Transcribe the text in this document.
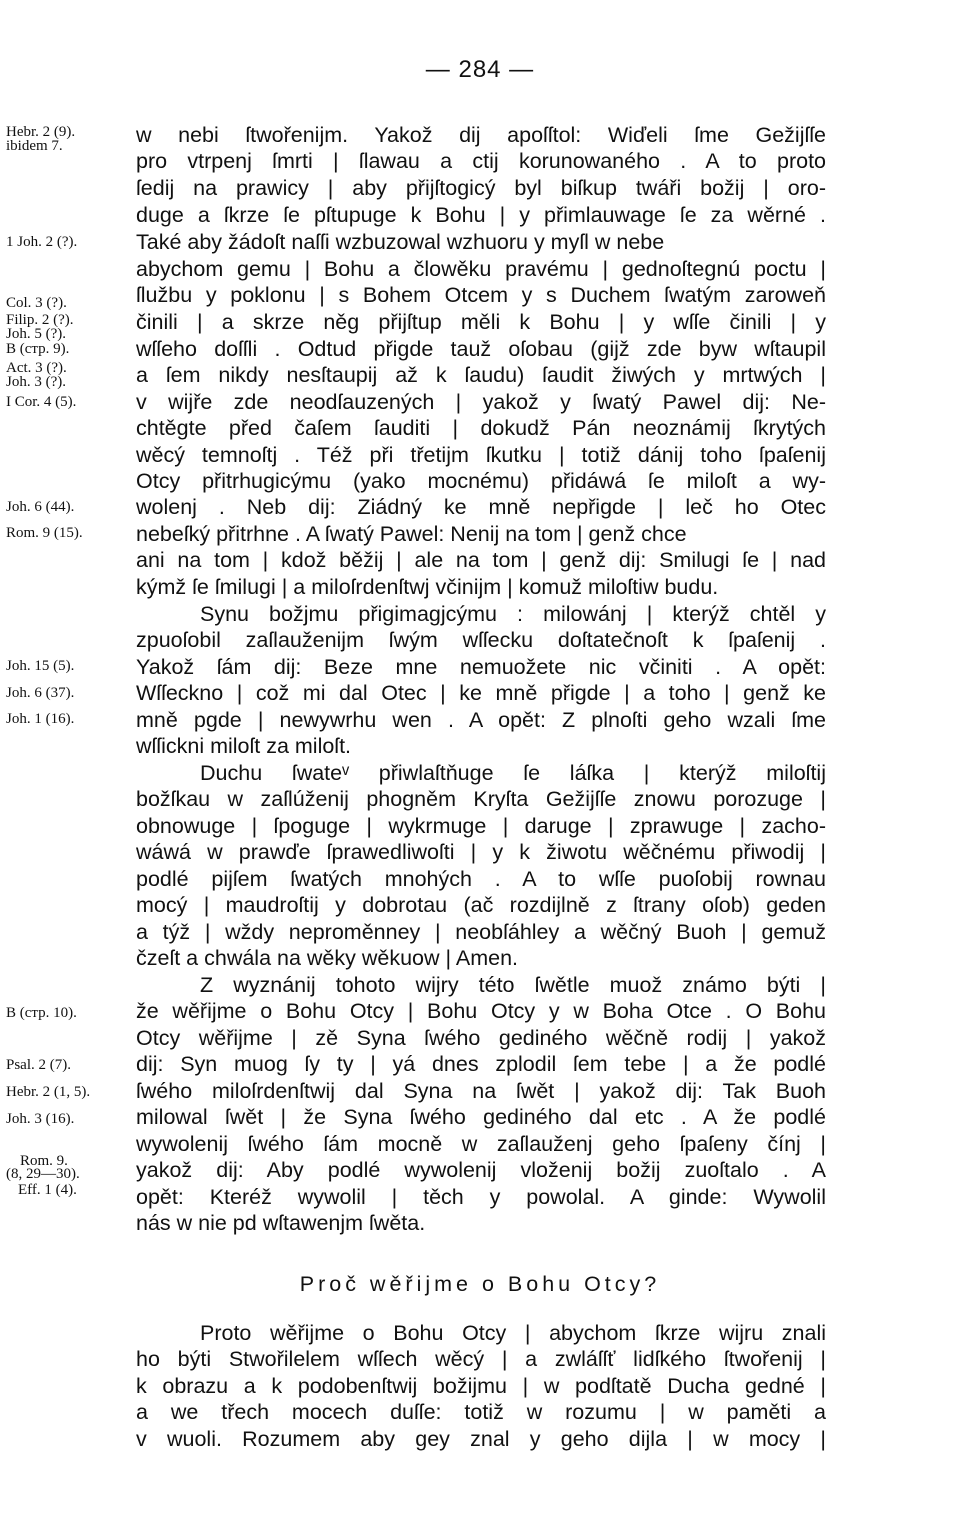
— 284 —
Hebr. 2 (9).
ibidem 7.
1 Joh. 2 (?).
Col. 3 (?).
Filip. 2 (?).
Joh. 5 (?).
B (стр. 9).
Act. 3 (?).
Joh. 3 (?).
I Cor. 4 (5).
Joh. 6 (44).
Rom. 9 (15).
Joh. 15 (5).
Joh. 6 (37).
Joh. 1 (16).
B (стр. 10).
Psal. 2 (7).
Hebr. 2 (1, 5).
Joh. 3 (16).
Rom. 9.
(8, 29—30).
Eff. 1 (4).
w nebi ſtwořenijm. Yakož dij apoſſtol: Wiďeli ſme Gežijſſe
pro vtrpenj ſmrti | ſlawau a ctij korunowaného . A to proto
ſedij na prawicy | aby přijſtogicý byl biſkup twáři božij | oro-
duge a ſkrze ſe pſtupuge k Bohu | y přimlauwage ſe za wěrné .
Také aby žádoſt naſſi wzbuzowal wzhuoru y myſl w nebe
abychom gemu | Bohu a člowěku pravému | gednoſtegnú poctu |
ſlužbu y poklonu | s Bohem Otcem y s Duchem ſwatým zaroweň
činili | a skrze něg přijſtup měli k Bohu | y wſſe činili | y
wſſeho doſſli . Odtud přigde tauž oſobau (gijž zde byw wſtaupil
a ſem nikdy nesſtaupij až k ſaudu) ſaudit žiwých y mrtwých |
v wijře zde neodſauzených | yakož y ſwatý Pawel dij: Ne-
chtěgte před čaſem ſauditi | dokudž Pán neoznámij ſkrytých
wěcý temnoſtj . Též při třetijm ſkutku | totiž dánij toho ſpaſenij
Otcy přitrhugicýmu (yako mocnému) přidáwá ſe miloſt a wy-
wolenj . Neb dij: Ziádný ke mně nepřigde | leč ho Otec
nebeſký přitrhne . A ſwatý Pawel: Nenij na tom | genž chce
ani na tom | kdož běžij | ale na tom | genž dij: Smilugi ſe | nad
kýmž ſe ſmilugi | a miloſrdenſtwj včinijm | komuž miloſtiw budu.
Synu božjmu přigimagjcýmu : milowánj | kterýž chtěl y
zpuoſobil zaſlauženijm ſwým wſſecku doſtatečnoſt k ſpaſenij .
Yakož ſám dij: Beze mne nemuožete nic včiniti . A opět:
Wſſeckno | což mi dal Otec | ke mně přigde | a toho | genž ke
mně pgde | newywrhu wen . A opět: Z plnoſti geho wzali ſme
wſſickni miloſt za miloſt.
Duchu ſwateᵛ přiwlaſtňuge ſe láſka | kterýž miloſtij
božſkau w zaſlúženij phogněm Kryſta Gežijſſe znowu porozuge |
obnowuge | ſpoguge | wykrmuge | daruge | zprawuge | zacho-
wáwá w prawďe ſprawedliwoſti | y k žiwotu wěčnému přiwodij |
podlé pijſem ſwatých mnohých . A to wſſe puoſobij rownau
mocý | maudroſtij y dobrotau (ač rozdijlně z ſtrany oſob) geden
a týž | wždy neproměnney | neobſáhley a wěčný Buoh | gemuž
čzeſt a chwála na wěky wěkuow | Amen.
Z wyznánij tohoto wijry této ſwětle muož známo býti |
že wěřijme o Bohu Otcy | Bohu Otcy y w Boha Otce . O Bohu
Otcy wěřijme | zě Syna ſwého gediného wěčně rodij | yakož
dij: Syn muog ſy ty | yá dnes zplodil ſem tebe | a že podlé
ſwého miloſrdenſtwij dal Syna na ſwět | yakož dij: Tak Buoh
milowal ſwět | že Syna ſwého gediného dal etc . A že podlé
wywolenij ſwého ſám mocně w zaſlauženj geho ſpaſeny čínj |
yakož dij: Aby podlé wywolenij vloženij božij zuoſtalo . A
opět: Kteréž wywolil | těch y powolal. A ginde: Wywolil
nás w nie pd wſtawenjm ſwěta.
Proč wěřijme o Bohu Otcy?
Proto wěřijme o Bohu Otcy | abychom ſkrze wijru znali
ho býti Stwořilelem wſſech wěcý | a zwláſſť lidſkého ſtwořenij |
k obrazu a k podobenſtwij božijmu | w podſtatě Ducha gedné |
a we třech mocech duſſe: totiž w rozumu | w paměti a
v wuoli. Rozumem aby gey znal y geho dijla | w mocy |
